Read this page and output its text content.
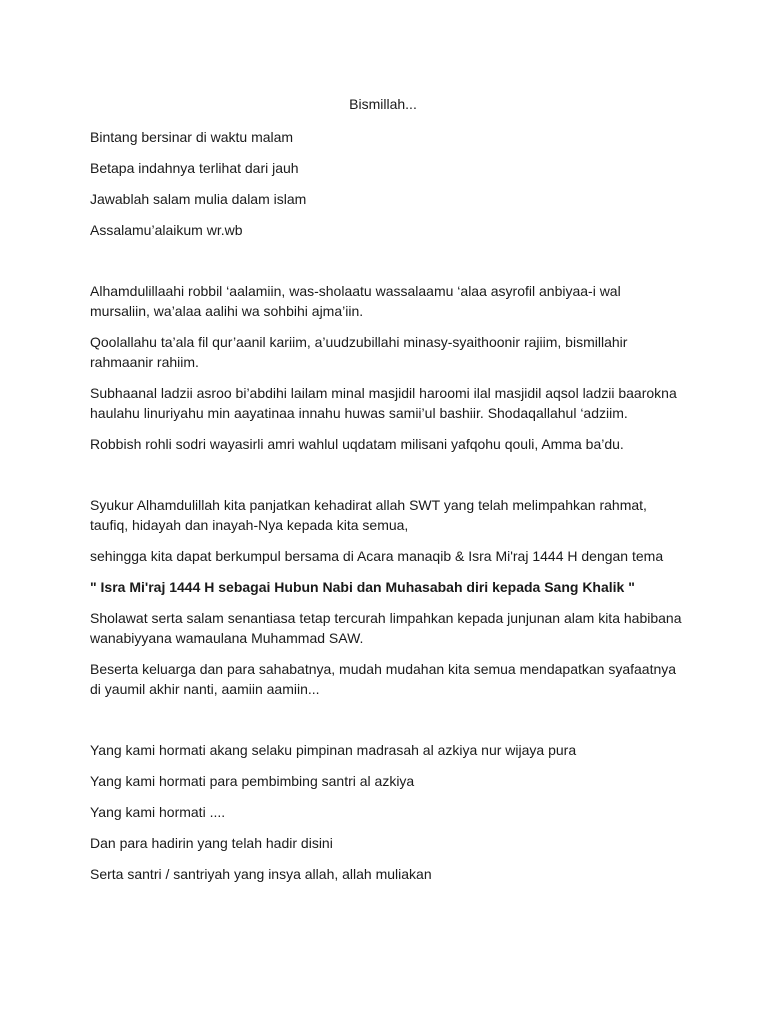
Bismillah...

Bintang bersinar di waktu malam

Betapa indahnya terlihat dari jauh

Jawablah salam mulia dalam islam

Assalamu’alaikum wr.wb

Alhamdulillaahi robbil ‘aalamiin, was-sholaatu wassalaamu ‘alaa asyrofil anbiyaa-i wal
mursaliin, wa’alaa aalihi wa sohbihi ajma’iin.

Qoolallahu ta’ala fil qur’aanil kariim, a’uudzubillahi minasy-syaithoonir rajiim, bismillahir
rahmaanir rahiim.

Subhaanal ladzii asroo bi’abdihi lailam minal masjidil haroomi ilal masjidil aqsol ladzii baarokna
haulahu linuriyahu min aayatinaa innahu huwas samii’ul bashiir. Shodaqallahul ‘adziim.

Robbish rohli sodri wayasirli amri wahlul uqdatam milisani yafqohu qouli, Amma ba’du.

Syukur Alhamdulillah kita panjatkan kehadirat allah SWT yang telah melimpahkan rahmat,
taufiq, hidayah dan inayah-Nya kepada kita semua,

sehingga kita dapat berkumpul bersama di Acara manaqib & Isra Mi'raj 1444 H dengan tema

" Isra Mi'raj 1444 H sebagai Hubun Nabi dan Muhasabah diri kepada Sang Khalik "

Sholawat serta salam senantiasa tetap tercurah limpahkan kepada junjunan alam kita habibana
wanabiyyana wamaulana Muhammad SAW.

Beserta keluarga dan para sahabatnya, mudah mudahan kita semua mendapatkan syafaatnya
di yaumil akhir nanti, aamiin aamiin...

Yang kami hormati akang selaku pimpinan madrasah al azkiya nur wijaya pura

Yang kami hormati para pembimbing santri al azkiya

Yang kami hormati ....

Dan para hadirin yang telah hadir disini

Serta santri / santriyah yang insya allah, allah muliakan
